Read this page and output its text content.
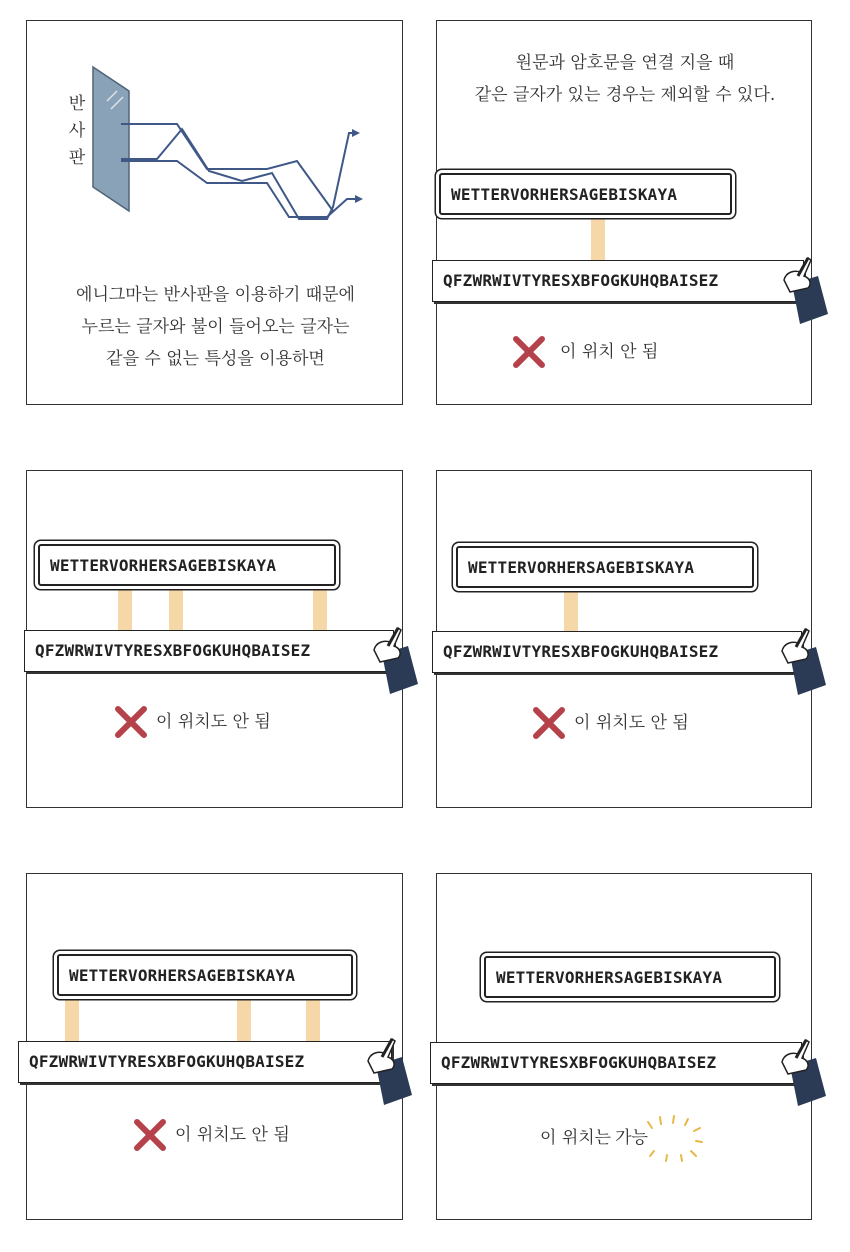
반
사
판
에니그마는 반사판을 이용하기 때문에
누르는 글자와 불이 들어오는 글자는
같을 수 없는 특성을 이용하면
원문과 암호문을 연결 지을 때
같은 글자가 있는 경우는 제외할 수 있다.
WETTERVORHERSAGEBISKAYA
QFZWRWIVTYRESXBFOGKUHQBAISEZ
이 위치 안 됨
WETTERVORHERSAGEBISKAYA
QFZWRWIVTYRESXBFOGKUHQBAISEZ
이 위치도 안 됨
WETTERVORHERSAGEBISKAYA
QFZWRWIVTYRESXBFOGKUHQBAISEZ
이 위치도 안 됨
WETTERVORHERSAGEBISKAYA
QFZWRWIVTYRESXBFOGKUHQBAISEZ
이 위치도 안 됨
WETTERVORHERSAGEBISKAYA
QFZWRWIVTYRESXBFOGKUHQBAISEZ
이 위치는 가능
